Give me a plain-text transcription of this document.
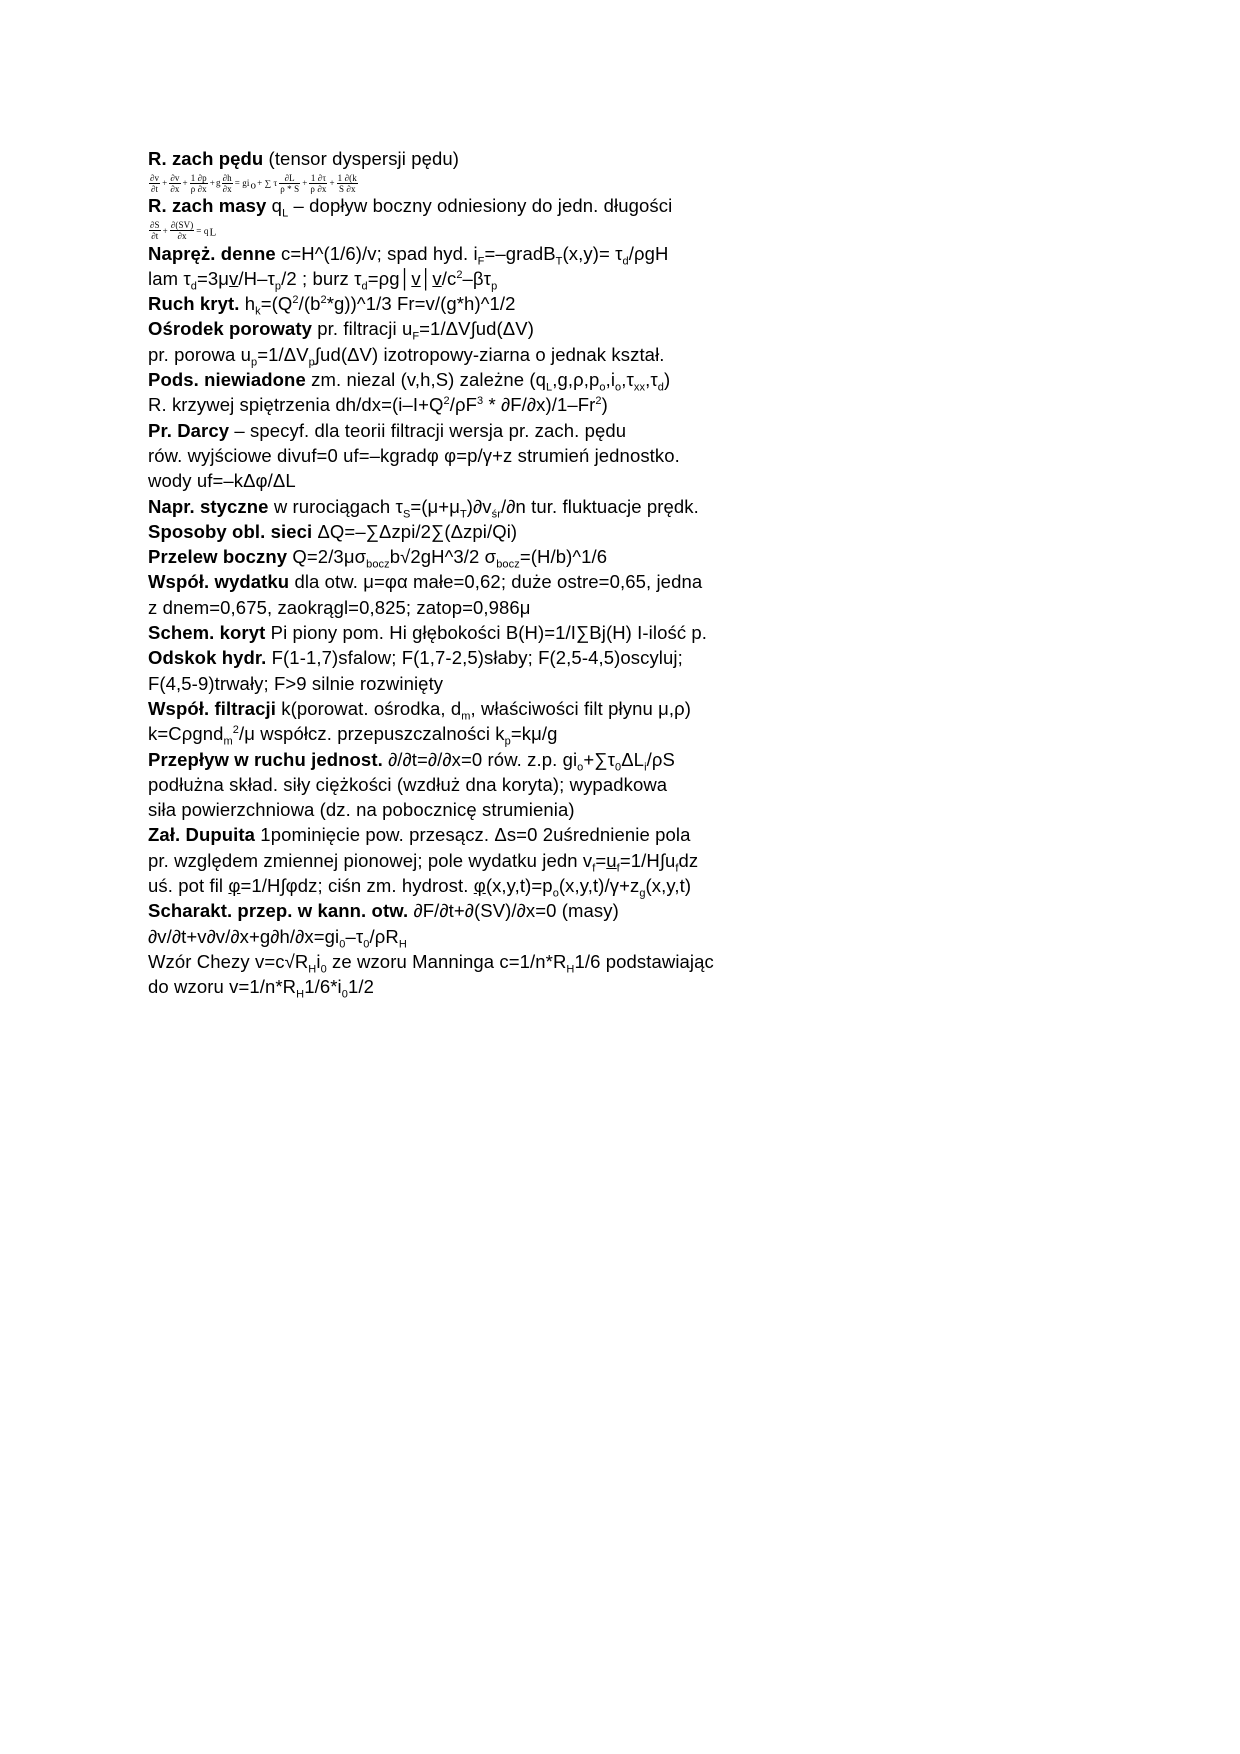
R. zach pędu (tensor dyspersji pędu)
$\frac{\partial v}{\partial t} + \frac{\partial v}{\partial x} + \frac{1 \partial p}{\rho \partial x} +g \frac{\partial h}{\partial x} = gi_o+$ ∑ τ $\frac{\partial L}{\rho * S} + \frac{1 \partial\tau}{\rho \partial x} + \frac{1 \partial(k}{S \partial x}$
R. zach masy $q_L$ – dopływ boczny odniesiony do jedn. długości
$\frac{\partial S}{\partial t} + \frac{\partial(SV)}{\partial x} = q_L$
Napręż. denne c=H^(1/6)/v; spad hyd. $i_F=-gradB_T(x,y)= \tau_d/\rho gH$
lam $\tau_d=3\mu v/H-\tau_p/2$ ; burz $\tau_d=\rho g│v│v/c^2-\beta\tau_p$
Ruch kryt. $h_k=(Q^2/(b^2*g))\^{}1/3$ Fr=v/(g*h)^1/2
Ośrodek porowaty pr. filtracji $u_F=1/\Delta V\int ud(\Delta V)$
pr. porowa $u_p=1/\Delta V_p\int ud(\Delta V)$ izotropowy-ziarna o jednak kształ.
Pods. niewiadone zm. niezal (v,h,S) zależne $(q_L,g,\rho,p_o,i_o,\tau_{xx},\tau_d)$
R. krzywej spiętrzenia $dh/dx=(i-I+Q^2/\rho F^3 * \partial F/\partial x)/1-Fr^2$)
Pr. Darcy – specyf. dla teorii filtracji wersja pr. zach. pędu
rów. wyjściowe divuf=0 uf=–kgradφ φ=p/γ+z strumień jednostko.
wody uf=–kΔφ/ΔL
Napr. styczne w rurociągach $\tau_S=(\mu+\mu_T)\partial v_{śr}/\partial n$ tur. fluktuacje prędk.
Sposoby obl. sieci ΔQ=–∑Δzpi/2∑(Δzpi/Qi)
Przelew boczny $Q=2/3\mu\sigma_{bocz}b√2gH\^{}3/2$ $\sigma_{bocz}=(H/b)\^{}1/6$
Współ. wydatku dla otw. μ=φα małe=0,62; duże ostre=0,65, jedna
z dnem=0,675, zaokrągl=0,825; zatop=0,986μ
Schem. koryt Pi piony pom. Hi głębokości B(H)=1/I∑Bj(H) I-ilość p.
Odskok hydr. F(1-1,7)sfalow; F(1,7-2,5)słaby; F(2,5-4,5)oscyluj;
F(4,5-9)trwały; F>9 silnie rozwinięty
Współ. filtracji k(porowat. ośrodka, $d_m$, właściwości filt płynu μ,ρ)
k=Cρgnd$_m^2$/μ współcz. przepuszczalności $k_p=k\mu/g$
Przepływ w ruchu jednost. ∂/∂t=∂/∂x=0 rów. z.p. $gi_o+\sum\tau_0\Delta L_i/\rho S$
podłużna skład. siły ciężkości (wzdłuż dna koryta); wypadkowa
siła powierzchniowa (dz. na pobocznicę strumienia)
Zał. Dupuita 1pominięcie pow. przesącz. Δs=0 2uśrednienie pola
pr. względem zmiennej pionowej; pole wydatku jedn $v_f=u_f=1/H\int u_fdz$
uś. pot fil φ=1/H∫φdz; ciśn zm. hydrost. $\varphi(x,y,t)=p_o(x,y,t)/\gamma+z_g(x,y,t)$
Scharakt. przep. w kann. otw. ∂F/∂t+∂(SV)/∂x=0 (masy)
$\partial v/\partial t+v\partial v/\partial x+g\partial h/\partial x=gi_0-\tau_0/\rho R_H$
Wzór Chezy $v=c√R_Hi_0$ ze wzoru Manninga $c=1/n*R_H1/6$ podstawiając
do wzoru $v=1/n*R_H1/6*i_01/2$
